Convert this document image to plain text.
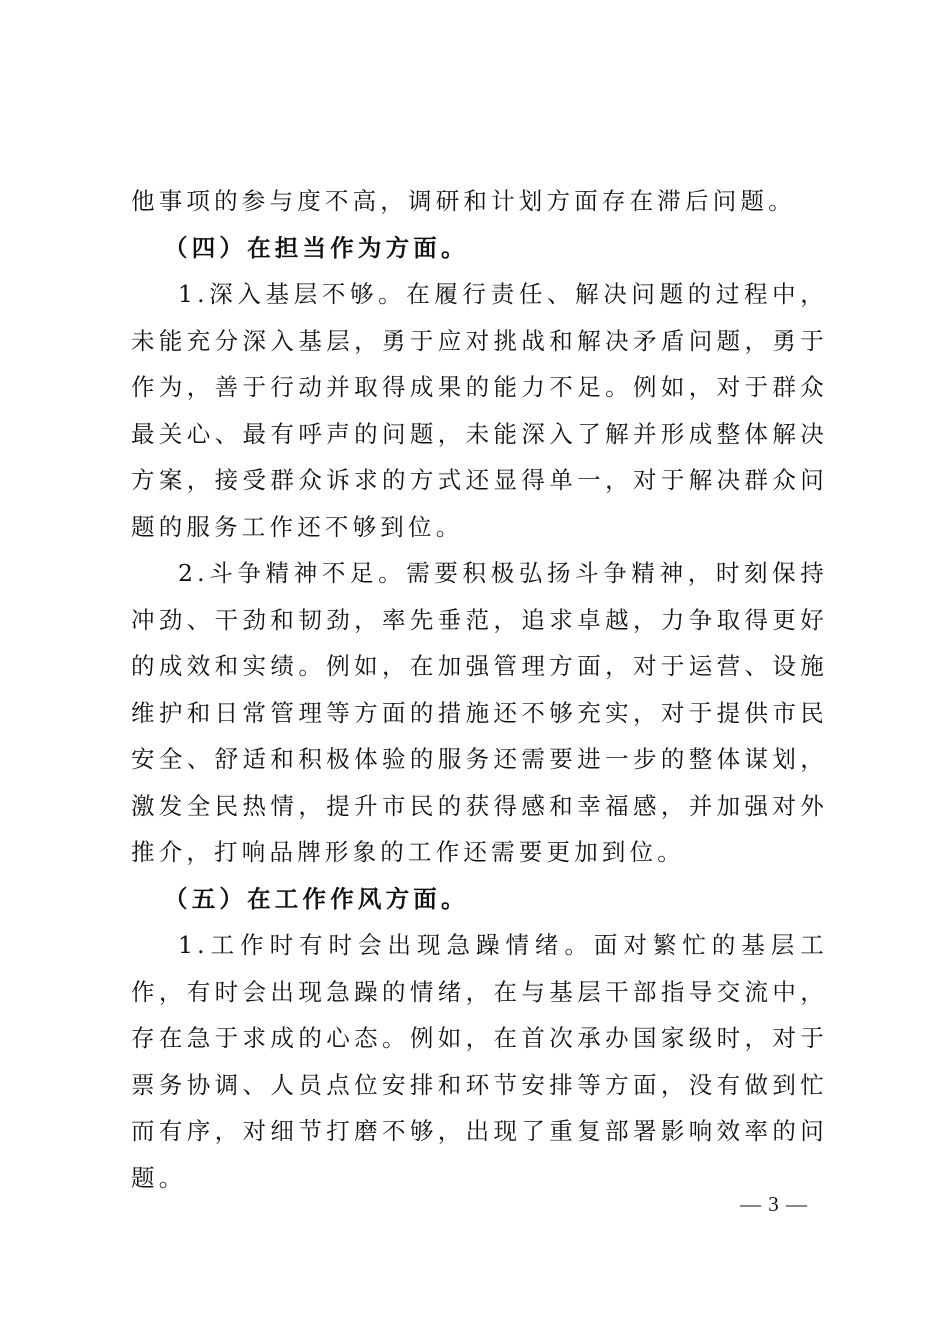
他事项的参与度不高，调研和计划方面存在滞后问题。

（四）在担当作为方面。

1.深入基层不够。在履行责任、解决问题的过程中，未能充分深入基层，勇于应对挑战和解决矛盾问题，勇于作为，善于行动并取得成果的能力不足。例如，对于群众最关心、最有呼声的问题，未能深入了解并形成整体解决方案，接受群众诉求的方式还显得单一，对于解决群众问题的服务工作还不够到位。

2.斗争精神不足。需要积极弘扬斗争精神，时刻保持冲劲、干劲和韧劲，率先垂范，追求卓越，力争取得更好的成效和实绩。例如，在加强管理方面，对于运营、设施维护和日常管理等方面的措施还不够充实，对于提供市民安全、舒适和积极体验的服务还需要进一步的整体谋划，激发全民热情，提升市民的获得感和幸福感，并加强对外推介，打响品牌形象的工作还需要更加到位。

（五）在工作作风方面。

1.工作时有时会出现急躁情绪。面对繁忙的基层工作，有时会出现急躁的情绪，在与基层干部指导交流中，存在急于求成的心态。例如，在首次承办国家级时，对于票务协调、人员点位安排和环节安排等方面，没有做到忙而有序，对细节打磨不够，出现了重复部署影响效率的问题。

— 3 —
